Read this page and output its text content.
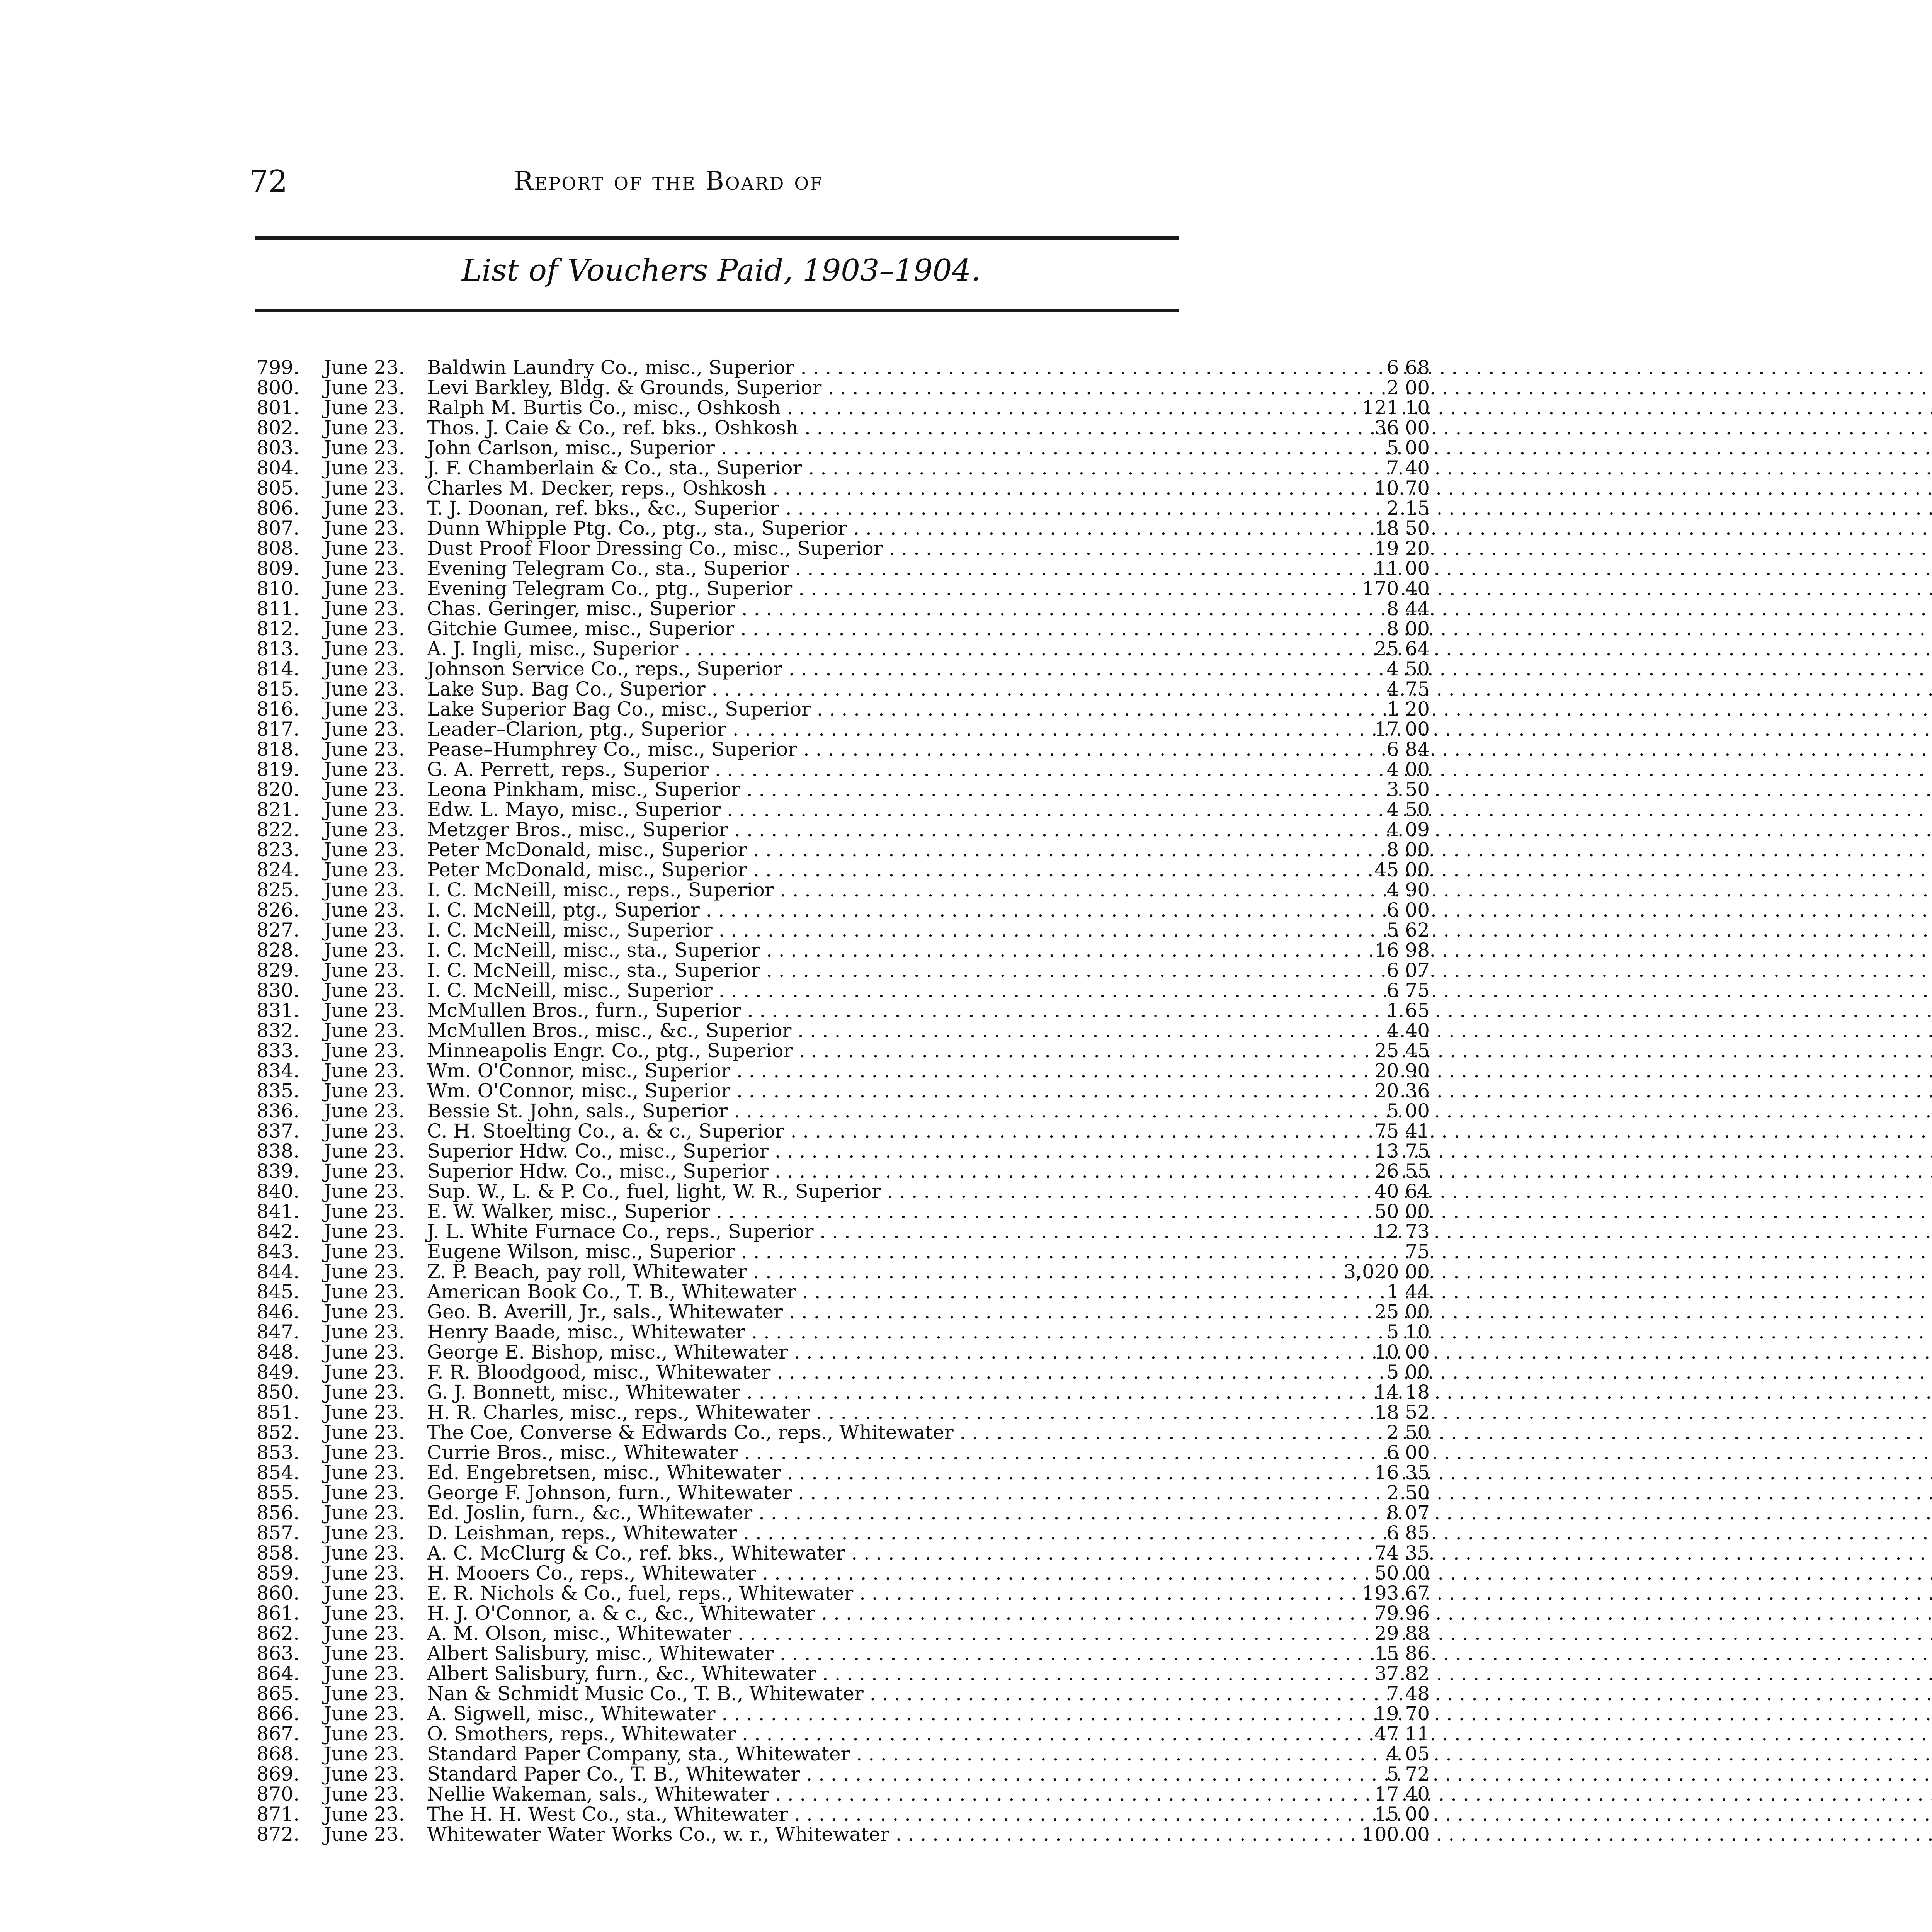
72	Report of the Board of
List of Vouchers Paid, 1903–1904.
799. June 23. Baldwin Laundry Co., misc., Superior . . .	6 68
800. June 23. Levi Barkley, Bldg. & Grounds, Superior . . .	2 00
801. June 23. Ralph M. Burtis Co., misc., Oshkosh . . .	121 10
802. June 23. Thos. J. Caie & Co., ref. bks., Oshkosh . . .	36 00
803. June 23. John Carlson, misc., Superior . . .	5 00
804. June 23. J. F. Chamberlain & Co., sta., Superior . . .	7 40
805. June 23. Charles M. Decker, reps., Oshkosh . . .	10 70
806. June 23. T. J. Doonan, ref. bks., &c., Superior . . .	2 15
807. June 23. Dunn Whipple Ptg. Co., ptg., sta., Superior . . .	18 50
808. June 23. Dust Proof Floor Dressing Co., misc., Superior . . .	19 20
809. June 23. Evening Telegram Co., sta., Superior . . .	11 00
810. June 23. Evening Telegram Co., ptg., Superior . . .	170 40
811. June 23. Chas. Geringer, misc., Superior . . .	8 44
812. June 23. Gitchie Gumee, misc., Superior . . .	8 00
813. June 23. A. J. Ingli, misc., Superior . . .	25 64
814. June 23. Johnson Service Co., reps., Superior . . .	4 50
815. June 23. Lake Sup. Bag Co., Superior . . .	4 75
816. June 23. Lake Superior Bag Co., misc., Superior . . .	1 20
817. June 23. Leader–Clarion, ptg., Superior . . .	17 00
818. June 23. Pease–Humphrey Co., misc., Superior . . .	6 84
819. June 23. G. A. Perrett, reps., Superior . . .	4 00
820. June 23. Leona Pinkham, misc., Superior . . .	3 50
821. June 23. Edw. L. Mayo, misc., Superior . . .	4 50
822. June 23. Metzger Bros., misc., Superior . . .	4 09
823. June 23. Peter McDonald, misc., Superior . . .	8 00
824. June 23. Peter McDonald, misc., Superior . . .	45 00
825. June 23. I. C. McNeill, misc., reps., Superior . . .	4 90
826. June 23. I. C. McNeill, ptg., Superior . . .	6 00
827. June 23. I. C. McNeill, misc., Superior . . .	5 62
828. June 23. I. C. McNeill, misc., sta., Superior . . .	16 98
829. June 23. I. C. McNeill, misc., sta., Superior . . .	6 07
830. June 23. I. C. McNeill, misc., Superior . . .	6 75
831. June 23. McMullen Bros., furn., Superior . . .	1 65
832. June 23. McMullen Bros., misc., &c., Superior . . .	4 40
833. June 23. Minneapolis Engr. Co., ptg., Superior . . .	25 45
834. June 23. Wm. O'Connor, misc., Superior . . .	20 90
835. June 23. Wm. O'Connor, misc., Superior . . .	20 36
836. June 23. Bessie St. John, sals., Superior . . .	5 00
837. June 23. C. H. Stoelting Co., a. & c., Superior . . .	75 41
838. June 23. Superior Hdw. Co., misc., Superior . . .	13 75
839. June 23. Superior Hdw. Co., misc., Superior . . .	26 55
840. June 23. Sup. W., L. & P. Co., fuel, light, W. R., Superior . . .	40 64
841. June 23. E. W. Walker, misc., Superior . . .	50 00
842. June 23. J. L. White Furnace Co., reps., Superior . . .	12 73
843. June 23. Eugene Wilson, misc., Superior . . .	75
844. June 23. Z. P. Beach, pay roll, Whitewater . . .	3,020 00
845. June 23. American Book Co., T. B., Whitewater . . .	1 44
846. June 23. Geo. B. Averill, Jr., sals., Whitewater . . .	25 00
847. June 23. Henry Baade, misc., Whitewater . . .	5 10
848. June 23. George E. Bishop, misc., Whitewater . . .	10 00
849. June 23. F. R. Bloodgood, misc., Whitewater . . .	5 00
850. June 23. G. J. Bonnett, misc., Whitewater . . .	14 18
851. June 23. H. R. Charles, misc., reps., Whitewater . . .	18 52
852. June 23. The Coe, Converse & Edwards Co., reps., Whitewater . . .	2 50
853. June 23. Currie Bros., misc., Whitewater . . .	6 00
854. June 23. Ed. Engebretsen, misc., Whitewater . . .	16 35
855. June 23. George F. Johnson, furn., Whitewater . . .	2 50
856. June 23. Ed. Joslin, furn., &c., Whitewater . . .	8 07
857. June 23. D. Leishman, reps., Whitewater . . .	6 85
858. June 23. A. C. McClurg & Co., ref. bks., Whitewater . . .	74 35
859. June 23. H. Mooers Co., reps., Whitewater . . .	50 00
860. June 23. E. R. Nichols & Co., fuel, reps., Whitewater . . .	193 67
861. June 23. H. J. O'Connor, a. & c., &c., Whitewater . . .	79 96
862. June 23. A. M. Olson, misc., Whitewater . . .	29 88
863. June 23. Albert Salisbury, misc., Whitewater . . .	15 86
864. June 23. Albert Salisbury, furn., &c., Whitewater . . .	37 82
865. June 23. Nan & Schmidt Music Co., T. B., Whitewater . . .	7 48
866. June 23. A. Sigwell, misc., Whitewater . . .	19 70
867. June 23. O. Smothers, reps., Whitewater . . .	47 11
868. June 23. Standard Paper Company, sta., Whitewater . . .	4 05
869. June 23. Standard Paper Co., T. B., Whitewater . . .	5 72
870. June 23. Nellie Wakeman, sals., Whitewater . . .	17 40
871. June 23. The H. H. West Co., sta., Whitewater . . .	15 00
872. June 23. Whitewater Water Works Co., w. r., Whitewater . . .	100 00
